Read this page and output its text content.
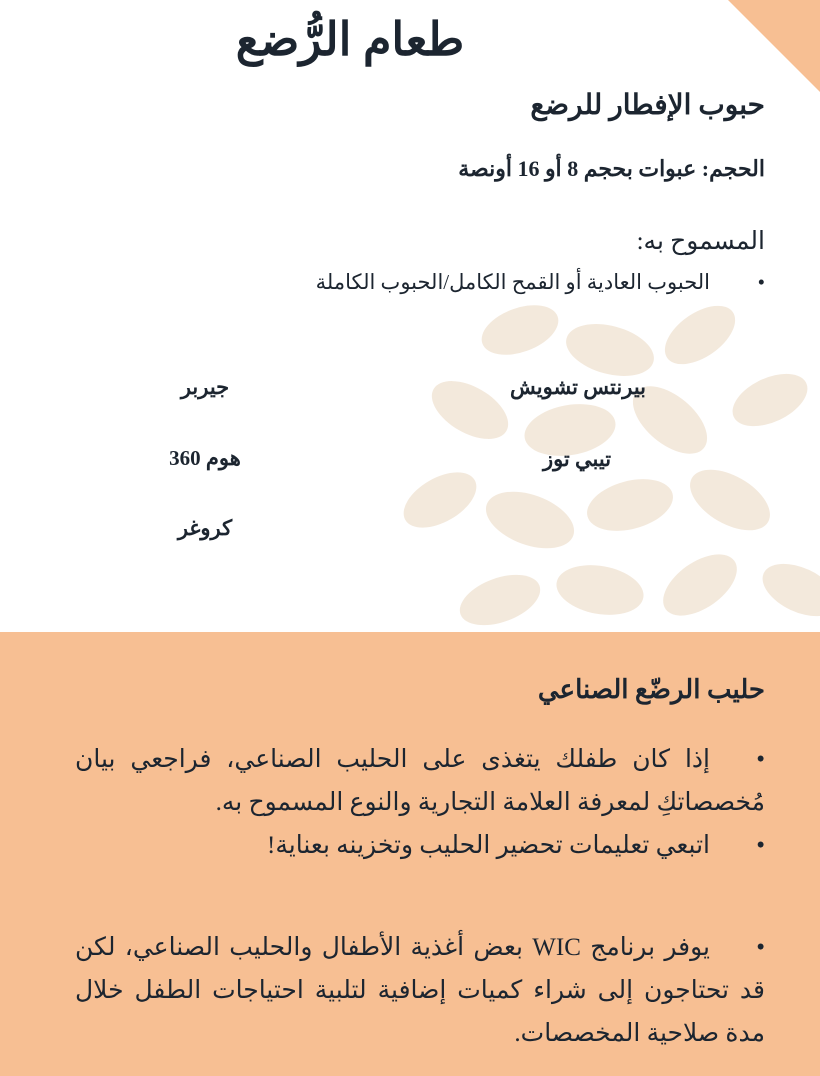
طعام الرُّضع
حبوب الإفطار للرضع
الحجم: عبوات بحجم 8 أو 16 أونصة
المسموح به:
•الحبوب العادية أو القمح الكامل/الحبوب الكاملة
بيرنتس تشويش
جيربر
تيبي توز
هوم 360
كروغر
حليب الرضّع الصناعي
•إذا كان طفلك يتغذى على الحليب الصناعي، فراجعي بيان مُخصصاتكِ لمعرفة العلامة التجارية والنوع المسموح به.
•اتبعي تعليمات تحضير الحليب وتخزينه بعناية!
•يوفر برنامج WIC بعض أغذية الأطفال والحليب الصناعي، لكن قد تحتاجون إلى شراء كميات إضافية لتلبية احتياجات الطفل خلال مدة صلاحية المخصصات.
